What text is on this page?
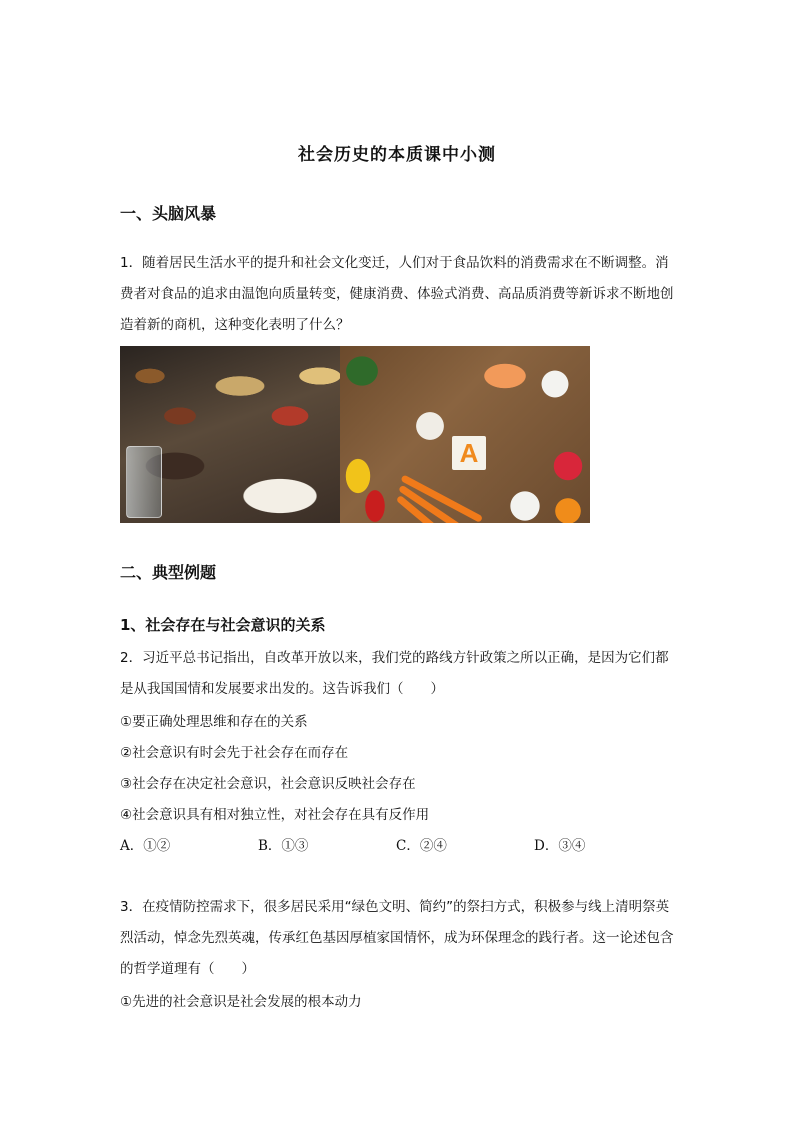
社会历史的本质课中小测
一、头脑风暴
1．随着居民生活水平的提升和社会文化变迁，人们对于食品饮料的消费需求在不断调整。消费者对食品的追求由温饱向质量转变，健康消费、体验式消费、高品质消费等新诉求不断地创造着新的商机，这种变化表明了什么？
A
二、典型例题
1、社会存在与社会意识的关系
2．习近平总书记指出，自改革开放以来，我们党的路线方针政策之所以正确，是因为它们都是从我国国情和发展要求出发的。这告诉我们（　　）
①要正确处理思维和存在的关系
②社会意识有时会先于社会存在而存在
③社会存在决定社会意识，社会意识反映社会存在
④社会意识具有相对独立性，对社会存在具有反作用
A．①②	B．①③	C．②④	D．③④
3．在疫情防控需求下，很多居民采用“绿色文明、简约”的祭扫方式，积极参与线上清明祭英烈活动，悼念先烈英魂，传承红色基因厚植家国情怀，成为环保理念的践行者。这一论述包含的哲学道理有（　　）
①先进的社会意识是社会发展的根本动力
